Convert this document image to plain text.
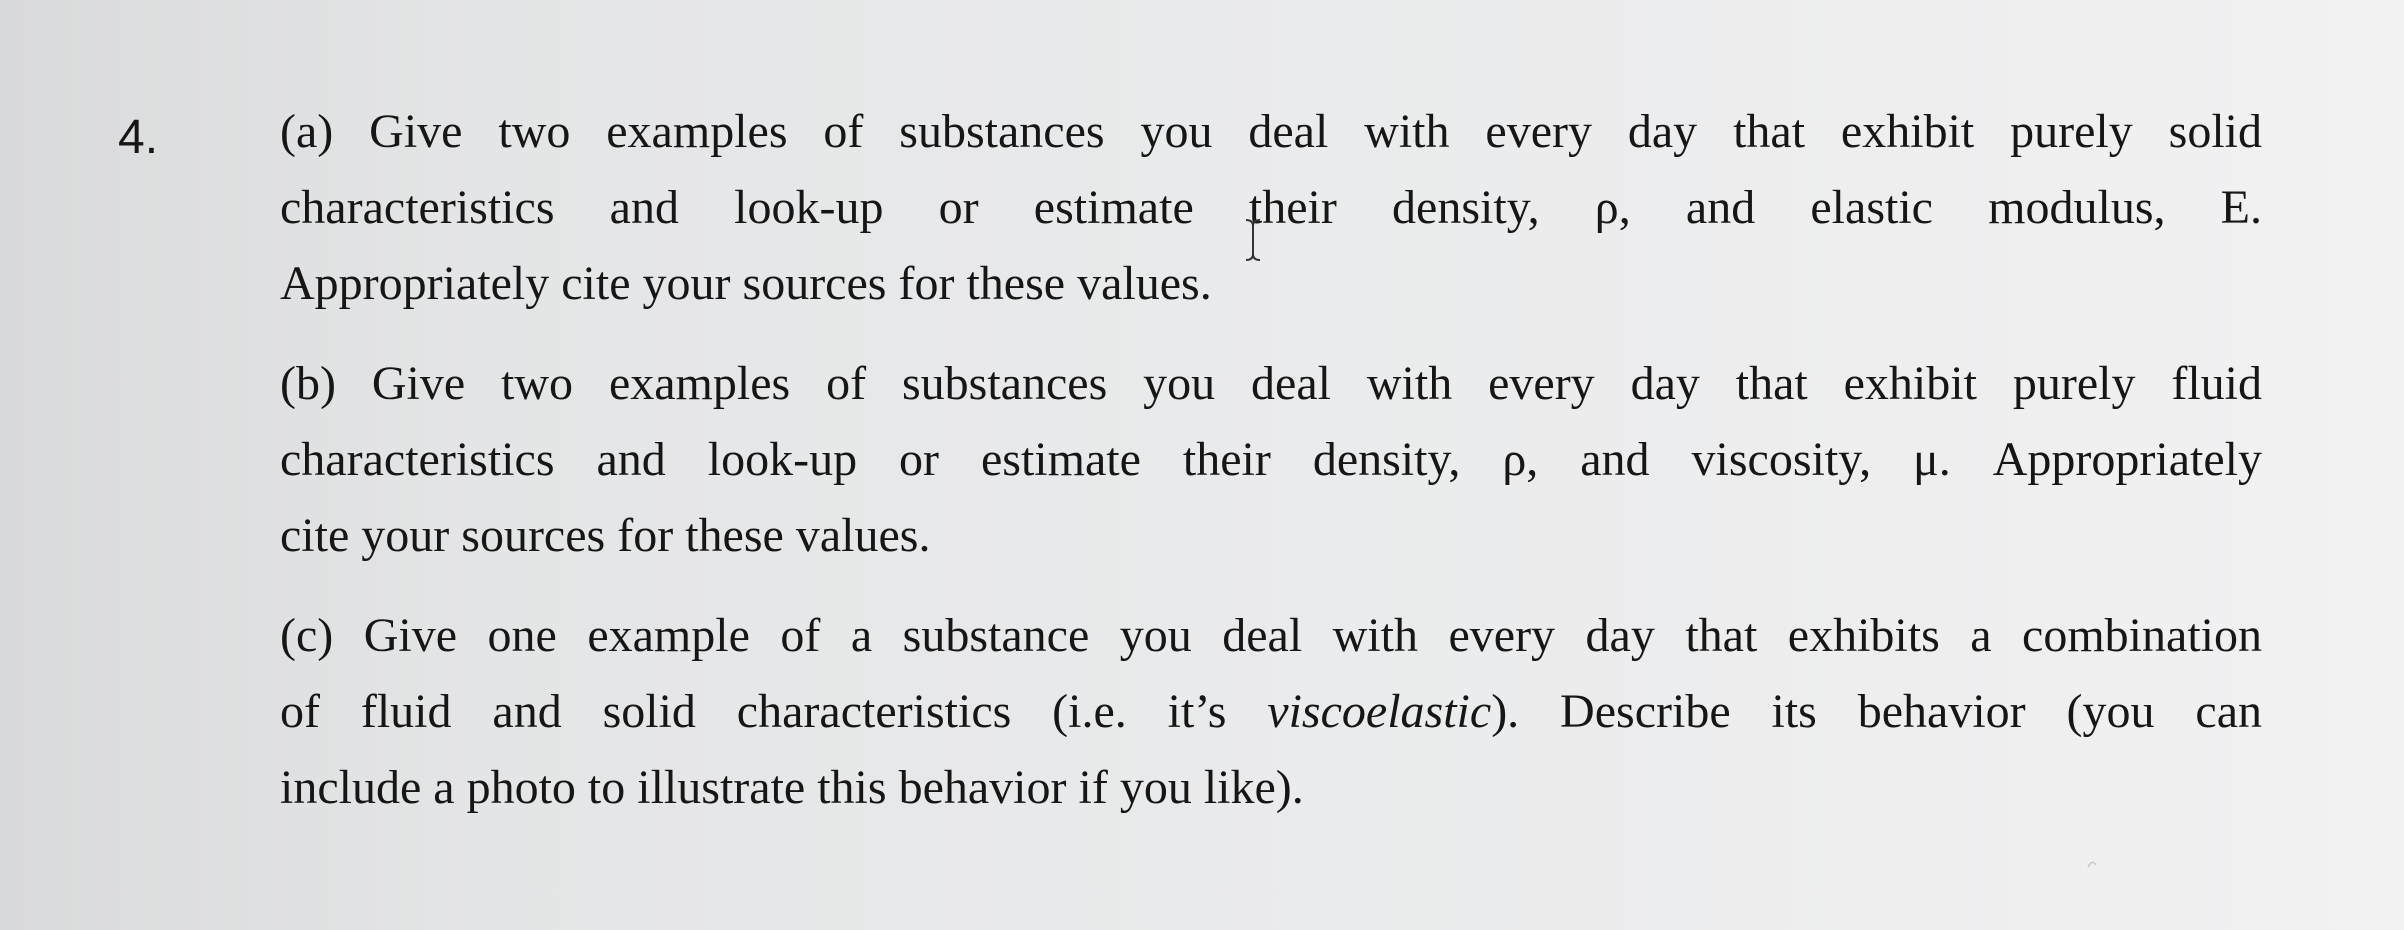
4.	(a) Give two examples of substances you deal with every day that exhibit purely solid
characteristics and look-up or estimate their density, ρ, and elastic modulus, E.
Appropriately cite your sources for these values.
(b) Give two examples of substances you deal with every day that exhibit purely fluid
characteristics and look-up or estimate their density, ρ, and viscosity, μ. Appropriately
cite your sources for these values.
(c) Give one example of a substance you deal with every day that exhibits a combination
of fluid and solid characteristics (i.e. it’s viscoelastic). Describe its behavior (you can
include a photo to illustrate this behavior if you like).
